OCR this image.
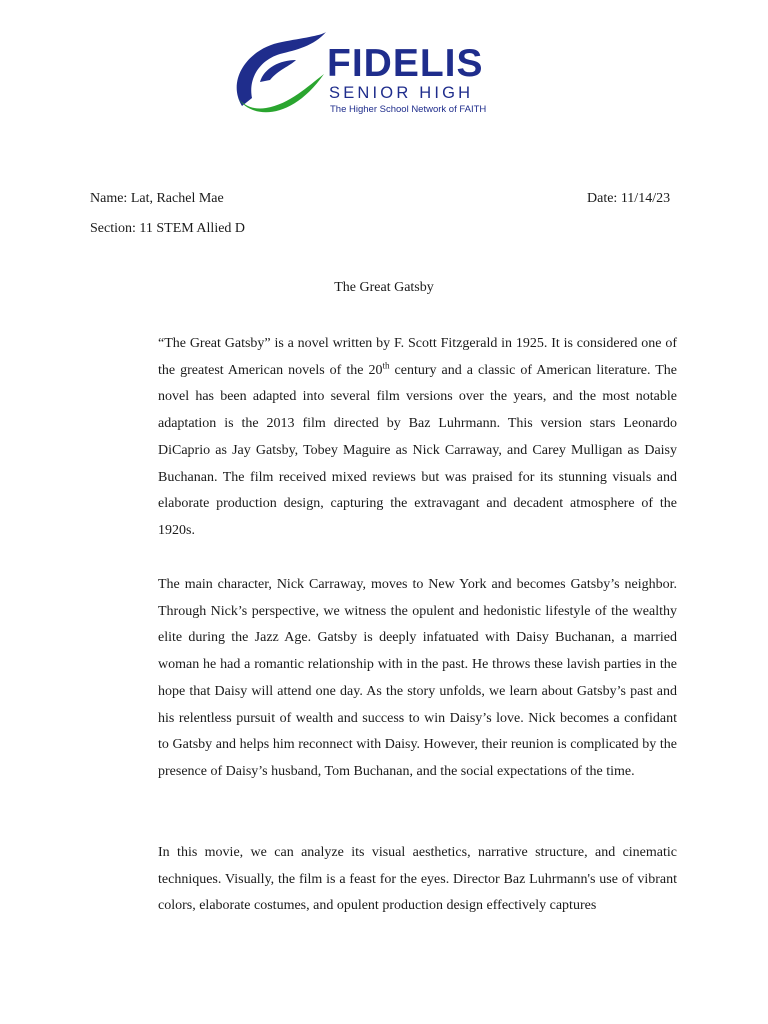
FIDELIS
SENIOR HIGH
The Higher School Network of FAITH
Name: Lat, Rachel Mae	Date: 11/14/23
Section: 11 STEM Allied D
The Great Gatsby

“The Great Gatsby” is a novel written by F. Scott Fitzgerald in 1925. It is considered one of the greatest American novels of the 20th century and a classic of American literature. The novel has been adapted into several film versions over the years, and the most notable adaptation is the 2013 film directed by Baz Luhrmann. This version stars Leonardo DiCaprio as Jay Gatsby, Tobey Maguire as Nick Carraway, and Carey Mulligan as Daisy Buchanan. The film received mixed reviews but was praised for its stunning visuals and elaborate production design, capturing the extravagant and decadent atmosphere of the 1920s.

The main character, Nick Carraway, moves to New York and becomes Gatsby’s neighbor. Through Nick’s perspective, we witness the opulent and hedonistic lifestyle of the wealthy elite during the Jazz Age. Gatsby is deeply infatuated with Daisy Buchanan, a married woman he had a romantic relationship with in the past. He throws these lavish parties in the hope that Daisy will attend one day. As the story unfolds, we learn about Gatsby’s past and his relentless pursuit of wealth and success to win Daisy’s love. Nick becomes a confidant to Gatsby and helps him reconnect with Daisy. However, their reunion is complicated by the presence of Daisy’s husband, Tom Buchanan, and the social expectations of the time.

In this movie, we can analyze its visual aesthetics, narrative structure, and cinematic techniques. Visually, the film is a feast for the eyes. Director Baz Luhrmann's use of vibrant colors, elaborate costumes, and opulent production design effectively captures
